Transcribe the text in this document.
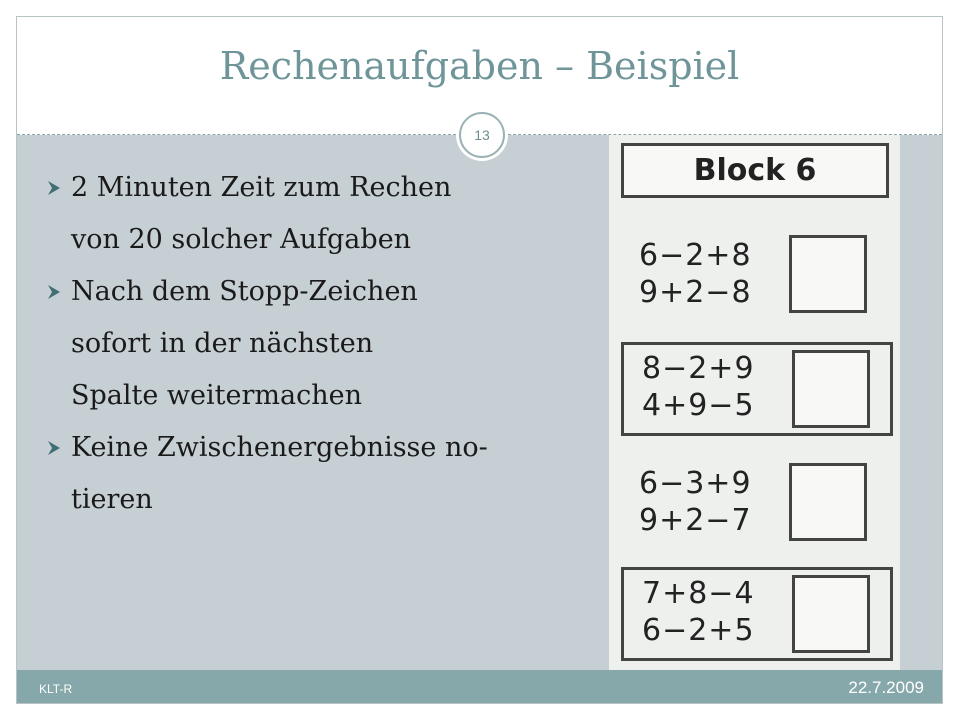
Rechenaufgaben – Beispiel
13
2 Minuten Zeit zum Rechen
von 20 solcher Aufgaben
Nach dem Stopp-Zeichen
sofort in der nächsten
Spalte weitermachen
Keine Zwischenergebnisse no-
tieren
Block 6
6−2+8
9+2−8
8−2+9
4+9−5
6−3+9
9+2−7
7+8−4
6−2+5
KLT-R	22.7.2009
